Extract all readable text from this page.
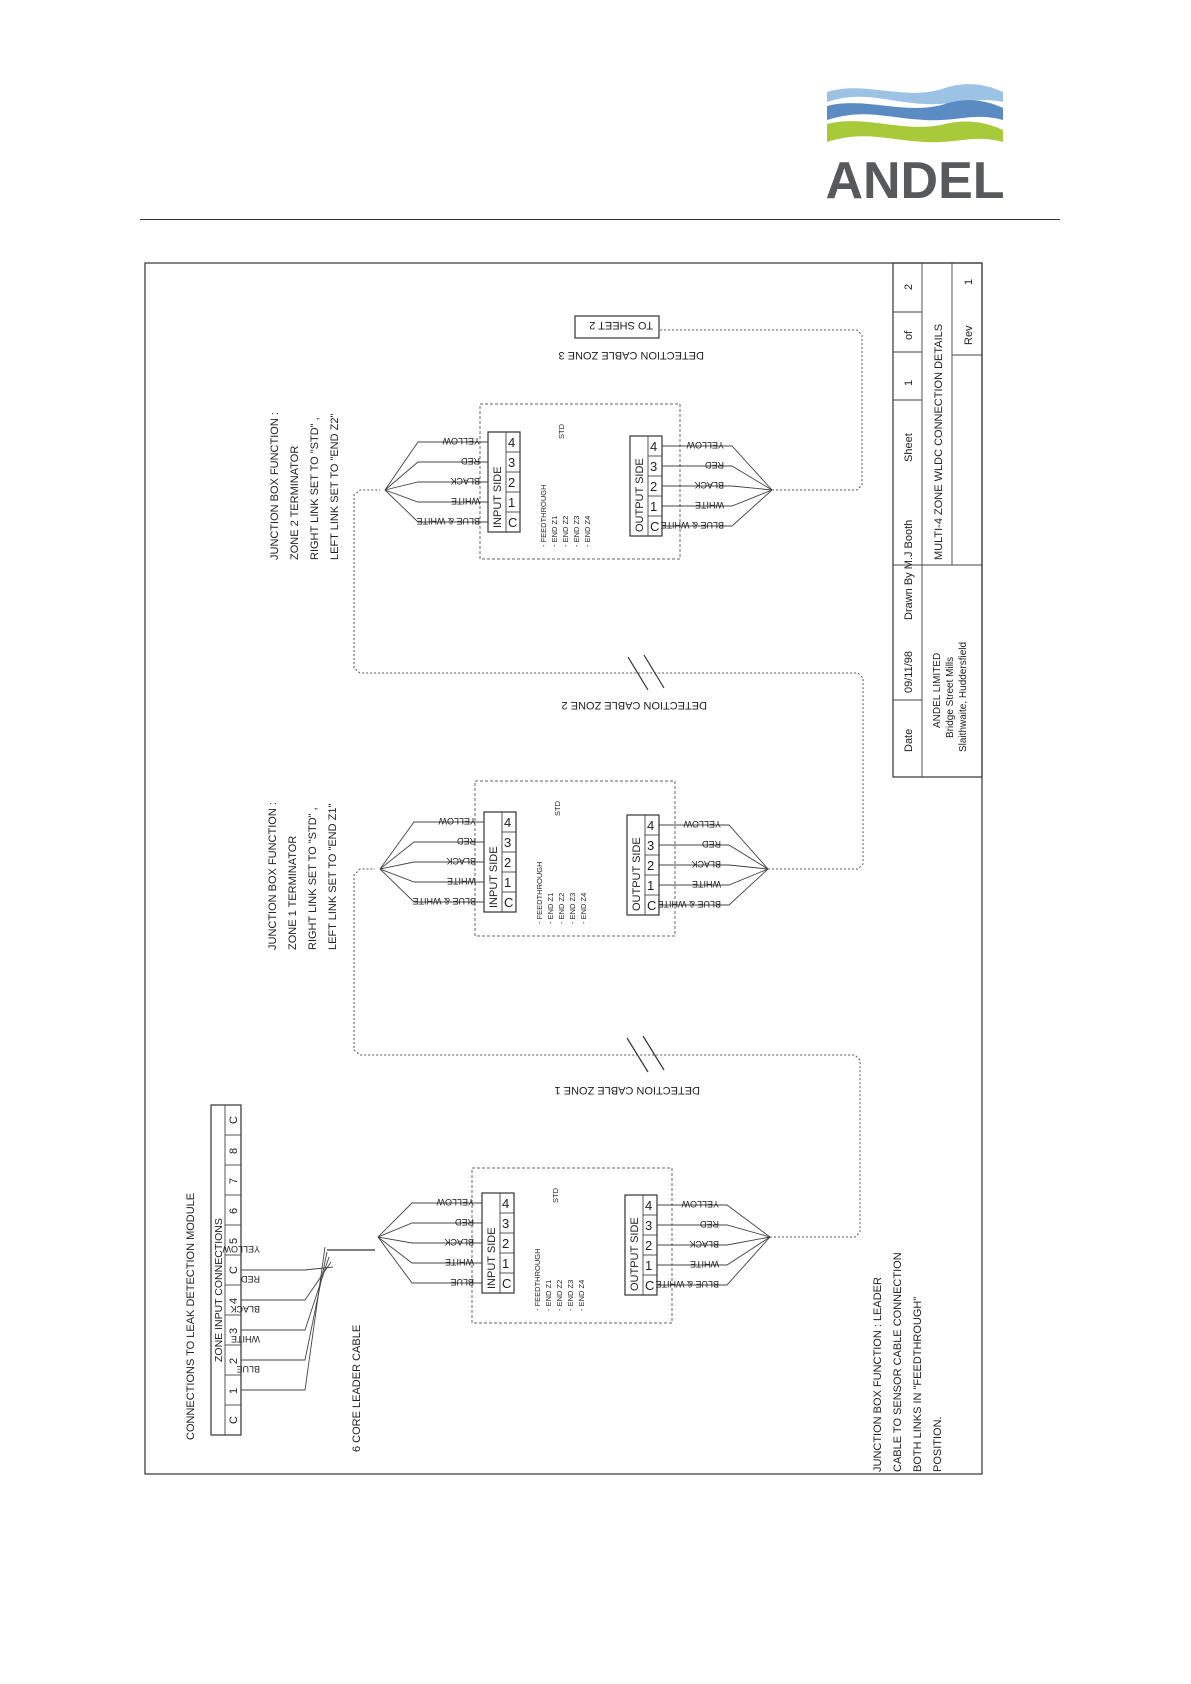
ANDEL
Date
09/11/98
Drawn By M.J Booth
Sheet
1
of
2
ANDEL LIMITED Bridge Street Mills Slaithwaite, Huddersfield
MULTI-4 ZONE WLDC CONNECTION DETAILS Rev
1
CONNECTIONS TO LEAK DETECTION MODULE ZONE INPUT CONNECTIONS
C
1
2
3
4
C
5
6
7
8
C
6 CORE LEADER CABLE
BLUE
WHITE
BLACK
RED
YELLOW	INPUT SIDE C
1
2
3
4
BLUE
WHITE
BLACK
RED
YELLOW
OUTPUT SIDE C
1
2
3
4
BLUE & WHITE
WHITE
BLACK
RED
YELLOW
- FEEDTHROUGH - END Z1 - END Z2 - END Z3 - END Z4
STD
INPUT SIDE C
1
2
3
4
BLUE & WHITE
WHITE
BLACK
RED
YELLOW
OUTPUT SIDE C
1
2
3
4
BLUE & WHITE
WHITE
BLACK
RED
YELLOW
- FEEDTHROUGH - END Z1 - END Z2 - END Z3 - END Z4
STD
INPUT SIDE C
1
2
3
4
BLUE & WHITE
WHITE
BLACK
RED
YELLOW
OUTPUT SIDE C
1
2
3
4
BLUE & WHITE
WHITE
BLACK
RED
YELLOW
- FEEDTHROUGH - END Z1 - END Z2 - END Z3 - END Z4
STD
JUNCTION BOX FUNCTION : LEADER CABLE TO SENSOR CABLE CONNECTION BOTH LINKS IN "FEEDTHROUGH" POSITION.
JUNCTION BOX FUNCTION : ZONE 1 TERMINATOR RIGHT LINK SET TO "STD" , LEFT LINK SET TO "END Z1"
JUNCTION BOX FUNCTION : ZONE 2 TERMINATOR RIGHT LINK SET TO "STD" , LEFT LINK SET TO "END Z2"
DETECTION CABLE ZONE 1
DETECTION CABLE ZONE 2
DETECTION CABLE ZONE 3
TO SHEET 2
